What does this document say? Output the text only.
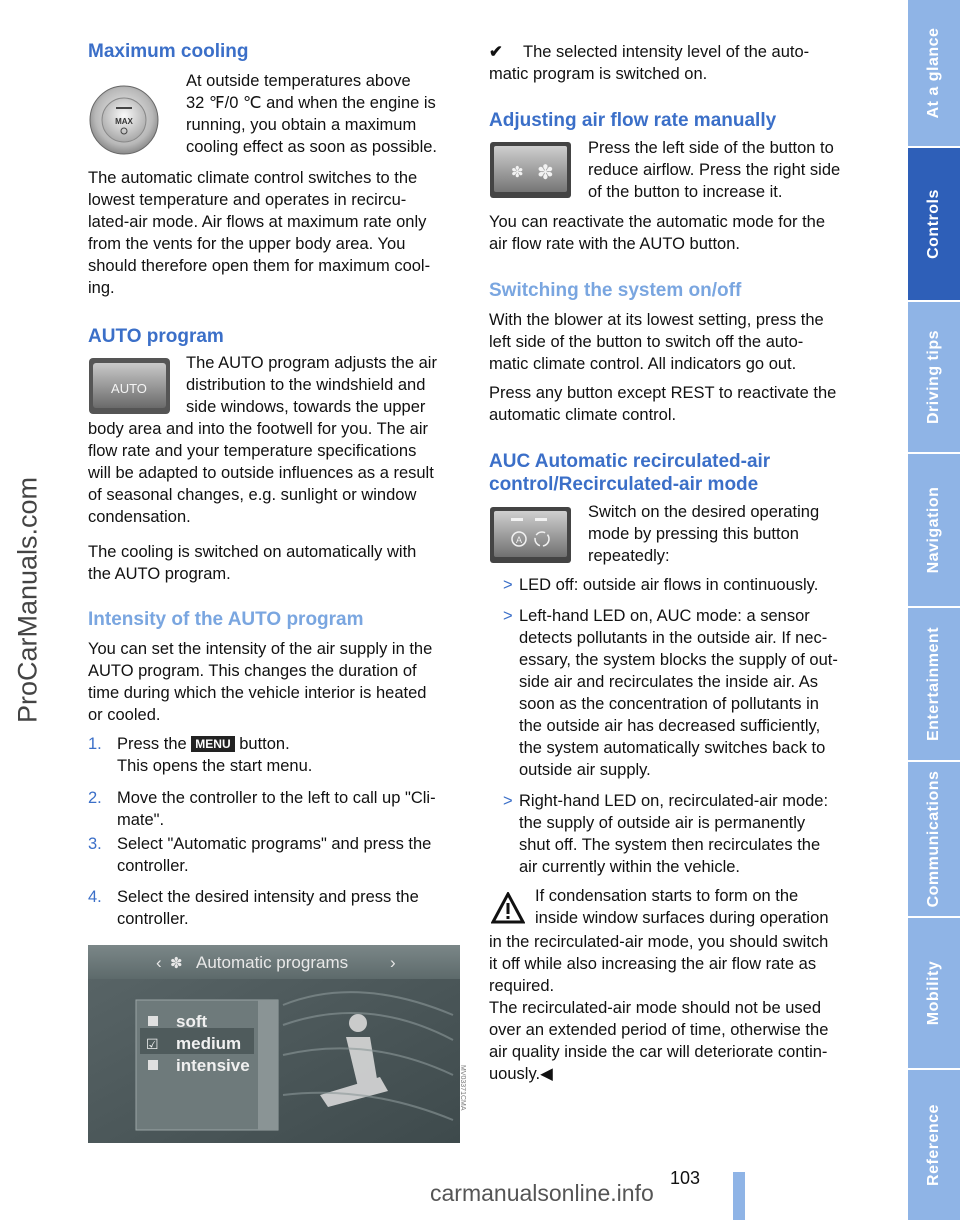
ProCarManuals.com
Maximum cooling
MAX
At outside temperatures above
32 ℉/0 ℃ and when the engine is
running, you obtain a maximum
cooling effect as soon as possible.
The automatic climate control switches to the
lowest temperature and operates in recircu-
lated-air mode. Air flows at maximum rate only
from the vents for the upper body area. You
should therefore open them for maximum cool-
ing.
AUTO program
AUTO
The AUTO program adjusts the air
distribution to the windshield and
side windows, towards the upper
body area and into the footwell for you. The air
flow rate and your temperature specifications
will be adapted to outside influences as a result
of seasonal changes, e.g. sunlight or window
condensation.
The cooling is switched on automatically with
the AUTO program.
Intensity of the AUTO program
You can set the intensity of the air supply in the
AUTO program. This changes the duration of
time during which the vehicle interior is heated
or cooled.
1. Press the MENU button.
This opens the start menu.
2. Move the controller to the left to call up "Cli-
mate".
3. Select "Automatic programs" and press the
controller.
4. Select the desired intensity and press the
controller.
‹ ✽ Automatic programs ›
soft
☑ medium
intensive	MV03371CMA
✔ The selected intensity level of the auto-
matic program is switched on.
Adjusting air flow rate manually
✽ ✽
Press the left side of the button to
reduce airflow. Press the right side
of the button to increase it.
You can reactivate the automatic mode for the
air flow rate with the AUTO button.
Switching the system on/off
With the blower at its lowest setting, press the
left side of the button to switch off the auto-
matic climate control. All indicators go out.
Press any button except REST to reactivate the
automatic climate control.
AUC Automatic recirculated-air
control/Recirculated-air mode
A
Switch on the desired operating
mode by pressing this button
repeatedly:
> LED off: outside air flows in continuously.
> Left-hand LED on, AUC mode: a sensor
detects pollutants in the outside air. If nec-
essary, the system blocks the supply of out-
side air and recirculates the inside air. As
soon as the concentration of pollutants in
the outside air has decreased sufficiently,
the system automatically switches back to
outside air supply.
> Right-hand LED on, recirculated-air mode:
the supply of outside air is permanently
shut off. The system then recirculates the
air currently within the vehicle.
If condensation starts to form on the
inside window surfaces during operation
in the recirculated-air mode, you should switch
it off while also increasing the air flow rate as
required.
The recirculated-air mode should not be used
over an extended period of time, otherwise the
air quality inside the car will deteriorate contin-
uously.◀
At a glance
Controls
Driving tips
Navigation
Entertainment
Communications
Mobility
Reference
103
carmanualsonline.info
